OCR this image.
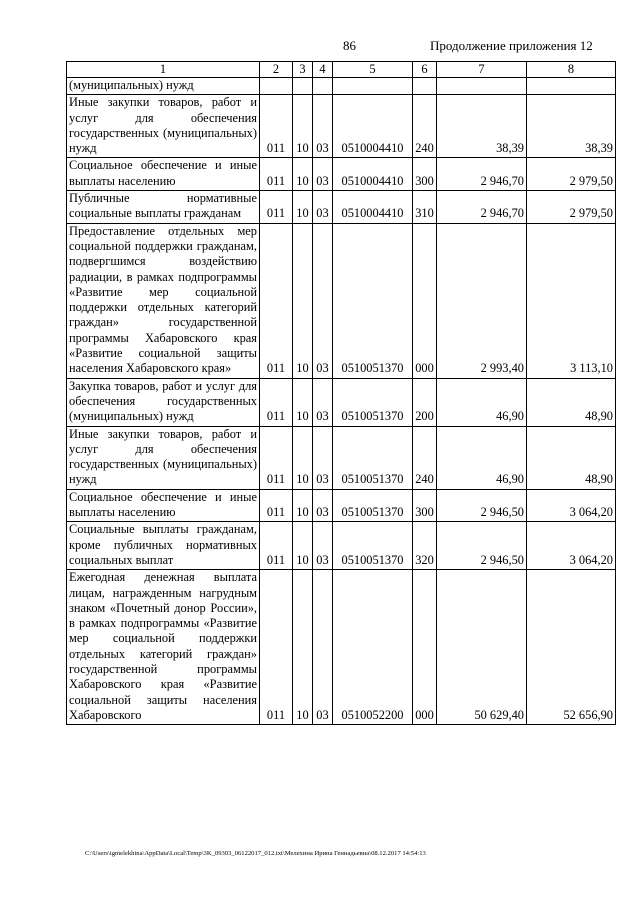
86	Продолжение приложения 12
1	2	3	4	5	6	7	8
(муниципальных) нужд							
Иные закупки товаров, работ и услуг для обеспечения государственных (муниципальных) нужд	011	10	03	0510004410	240	38,39	38,39
Социальное обеспечение и иные выплаты населению	011	10	03	0510004410	300	2 946,70	2 979,50
Публичные нормативные социальные выплаты гражданам	011	10	03	0510004410	310	2 946,70	2 979,50
Предоставление отдельных мер социальной поддержки гражданам, подвергшимся воздействию радиации, в рамках подпрограммы «Развитие мер социальной поддержки отдельных категорий граждан» государственной программы Хабаровского края «Развитие социальной защиты населения Хабаровского края»	011	10	03	0510051370	000	2 993,40	3 113,10
Закупка товаров, работ и услуг для обеспечения государственных (муниципальных) нужд	011	10	03	0510051370	200	46,90	48,90
Иные закупки товаров, работ и услуг для обеспечения государственных (муниципальных) нужд	011	10	03	0510051370	240	46,90	48,90
Социальное обеспечение и иные выплаты населению	011	10	03	0510051370	300	2 946,50	3 064,20
Социальные выплаты гражданам, кроме публичных нормативных социальных выплат	011	10	03	0510051370	320	2 946,50	3 064,20
Ежегодная денежная выплата лицам, награжденным нагрудным знаком «Почетный донор России», в рамках подпрограммы «Развитие мер социальной поддержки отдельных категорий граждан» государственной программы Хабаровского края «Развитие социальной защиты населения Хабаровского	011	10	03	0510052200	000	50 629,40	52 656,90
C:\Users\igmelekhina\AppData\Local\Temp\3K_09303_06122017_012.txt\Мелехина Ирина Геннадьевна\08.12.2017 14:54:13
